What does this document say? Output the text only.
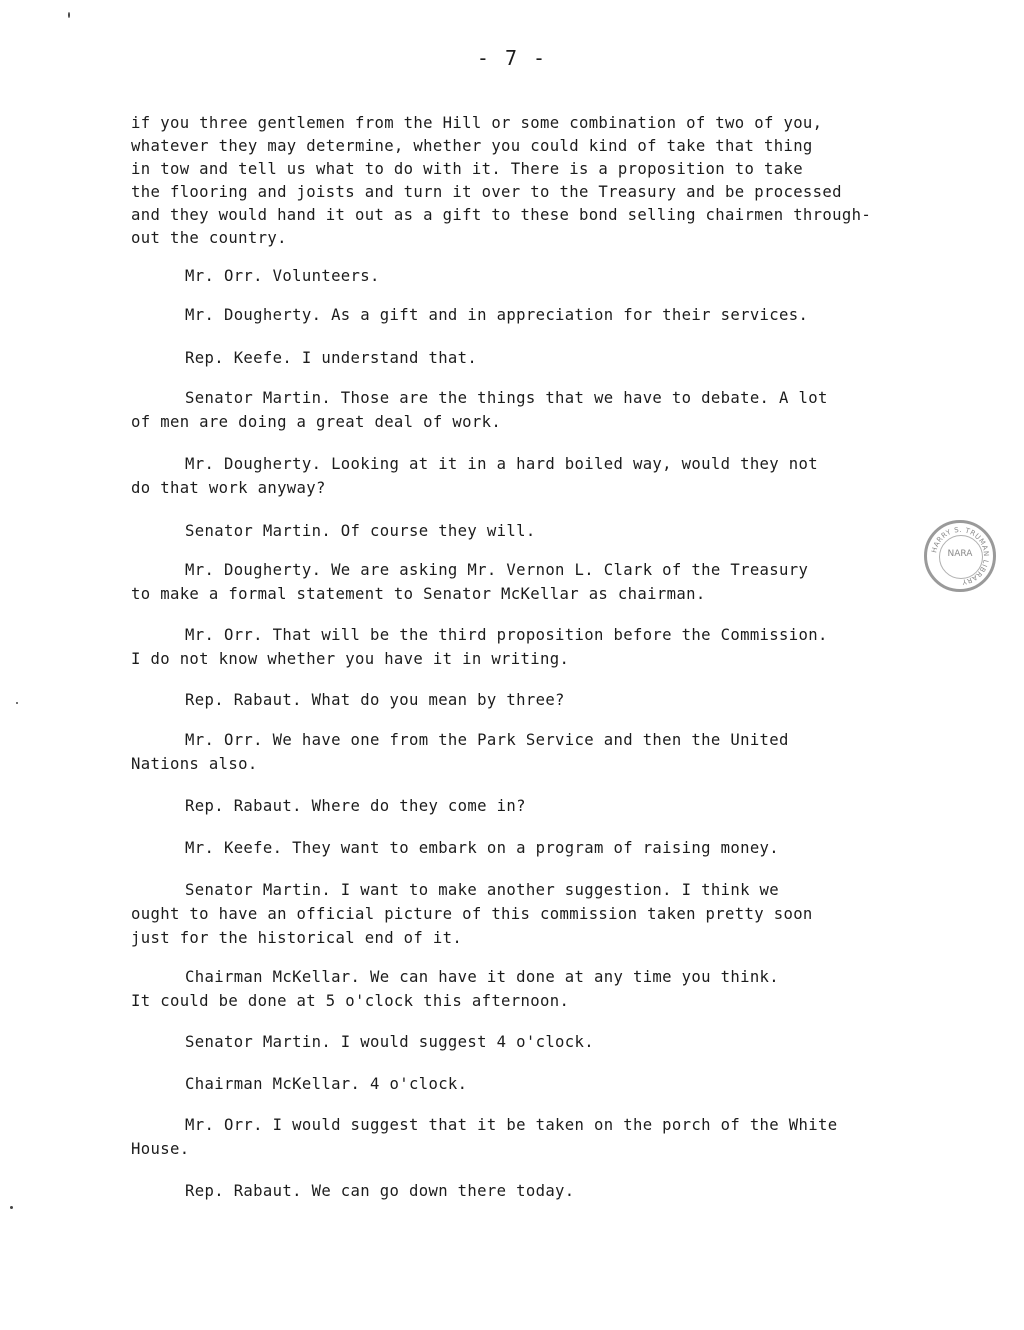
- 7 -
if you three gentlemen from the Hill or some combination of two of you,
whatever they may determine, whether you could kind of take that thing
in tow and tell us what to do with it. There is a proposition to take
the flooring and joists and turn it over to the Treasury and be processed
and they would hand it out as a gift to these bond selling chairmen through-
out the country.
Mr. Orr. Volunteers.
Mr. Dougherty. As a gift and in appreciation for their services.
Rep. Keefe. I understand that.
Senator Martin. Those are the things that we have to debate. A lot
of men are doing a great deal of work.
Mr. Dougherty. Looking at it in a hard boiled way, would they not
do that work anyway?
Senator Martin. Of course they will.
Mr. Dougherty. We are asking Mr. Vernon L. Clark of the Treasury
to make a formal statement to Senator McKellar as chairman.
Mr. Orr. That will be the third proposition before the Commission.
I do not know whether you have it in writing.
Rep. Rabaut. What do you mean by three?
Mr. Orr. We have one from the Park Service and then the United
Nations also.
Rep. Rabaut. Where do they come in?
Mr. Keefe. They want to embark on a program of raising money.
Senator Martin. I want to make another suggestion. I think we
ought to have an official picture of this commission taken pretty soon
just for the historical end of it.
Chairman McKellar. We can have it done at any time you think.
It could be done at 5 o'clock this afternoon.
Senator Martin. I would suggest 4 o'clock.
Chairman McKellar. 4 o'clock.
Mr. Orr. I would suggest that it be taken on the porch of the White
House.
Rep. Rabaut. We can go down there today.
HARRY S. TRUMAN LIBRARY
NARA
